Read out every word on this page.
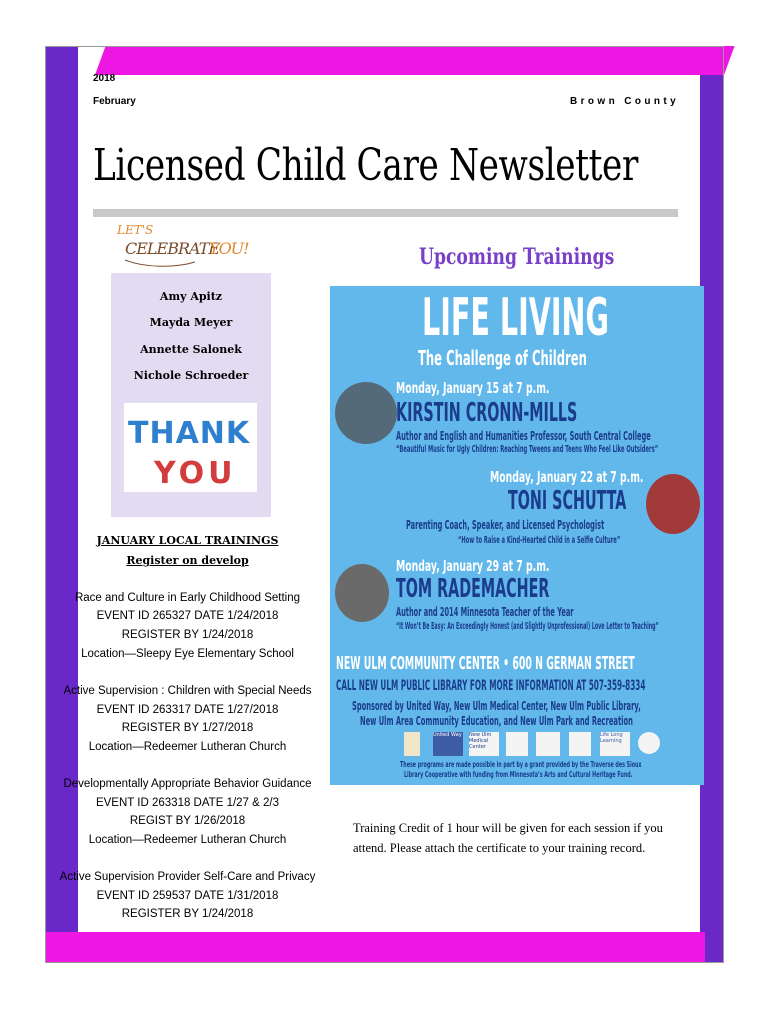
2018
February	Brown County
Licensed Child Care Newsletter
LET'S
CELEBRATE
YOU!
Amy Apitz
Mayda Meyer
Annette Salonek
Nichole Schroeder
THANK
YOU
JANUARY LOCAL TRAININGS
Register on develop
Race and Culture in Early Childhood Setting
EVENT ID 265327 DATE 1/24/2018
REGISTER BY 1/24/2018
Location—Sleepy Eye Elementary School
Active Supervision : Children with Special Needs
EVENT ID 263317 DATE 1/27/2018
REGISTER BY 1/27/2018
Location—Redeemer Lutheran Church
Developmentally Appropriate Behavior Guidance
EVENT ID 263318 DATE 1/27 & 2/3
REGIST BY 1/26/2018
Location—Redeemer Lutheran Church
Active Supervision Provider Self-Care and Privacy
EVENT ID 259537 DATE 1/31/2018
REGISTER BY 1/24/2018
Upcoming Trainings
LIFE LIVING
The Challenge of Children
Monday, January 15 at 7 p.m.
KIRSTIN CRONN-MILLS
Author and English and Humanities Professor, South Central College
“Beautiful Music for Ugly Children: Reaching Tweens and Teens Who Feel Like Outsiders”
Monday, January 22 at 7 p.m.
TONI SCHUTTA
Parenting Coach, Speaker, and Licensed Psychologist
“How to Raise a Kind-Hearted Child in a Selfie Culture”
Monday, January 29 at 7 p.m.
TOM RADEMACHER
Author and 2014 Minnesota Teacher of the Year
“It Won’t Be Easy: An Exceedingly Honest (and Slightly Unprofessional) Love Letter to Teaching”
NEW ULM COMMUNITY CENTER • 600 N GERMAN STREET
CALL NEW ULM PUBLIC LIBRARY FOR MORE INFORMATION AT 507-359-8334
Sponsored by United Way, New Ulm Medical Center, New Ulm Public Library,
New Ulm Area Community Education, and New Ulm Park and Recreation
United Way New Ulm Medical Center
Life Long Learning
These programs are made possible in part by a grant provided by the Traverse des Sioux
Library Cooperative with funding from Minnesota’s Arts and Cultural Heritage Fund.
Training Credit of 1 hour will be given for each session if you attend. Please attach the certificate to your training record.
